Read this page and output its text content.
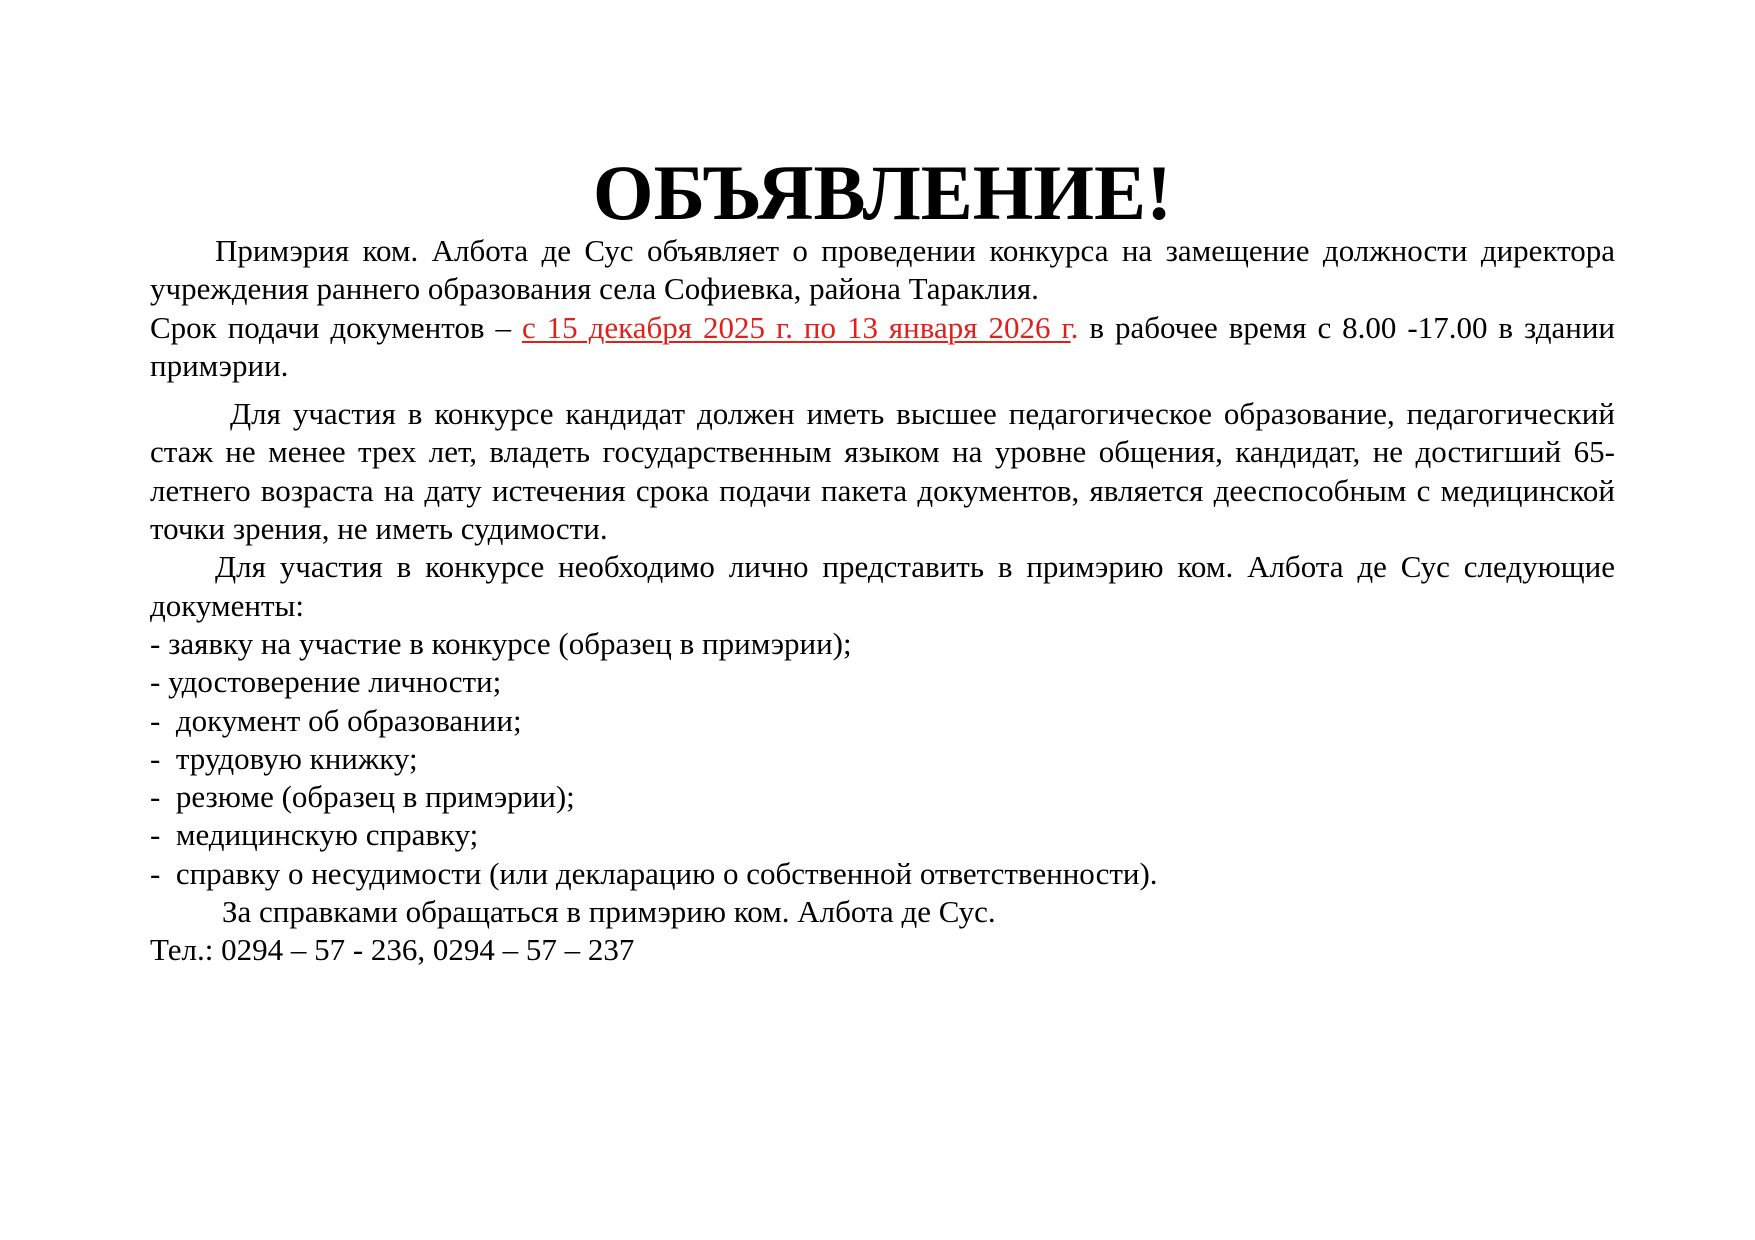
ОБЪЯВЛЕНИЕ!

Примэрия ком. Албота де Сус объявляет о проведении конкурса на замещение должности директора учреждения раннего образования села Софиевка, района Тараклия.

Срок подачи документов – с 15 декабря 2025 г. по 13 января 2026 г. в рабочее время с 8.00 -17.00 в здании примэрии.

Для участия в конкурсе кандидат должен иметь высшее педагогическое образование, педагогический стаж не менее трех лет, владеть государственным языком на уровне общения, кандидат, не достигший 65-летнего возраста на дату истечения срока подачи пакета документов, является дееспособным с медицинской точки зрения, не иметь судимости.

Для участия в конкурсе необходимо лично представить в примэрию ком. Албота де Сус следующие документы:

- заявку на участие в конкурсе (образец в примэрии);

- удостоверение личности;

-  документ об образовании;

-  трудовую книжку;

-  резюме (образец в примэрии);

-  медицинскую справку;

-  справку о несудимости (или декларацию о собственной ответственности).

За справками обращаться в примэрию ком. Албота де Сус.

Тел.: 0294 – 57 - 236, 0294 – 57 – 237
